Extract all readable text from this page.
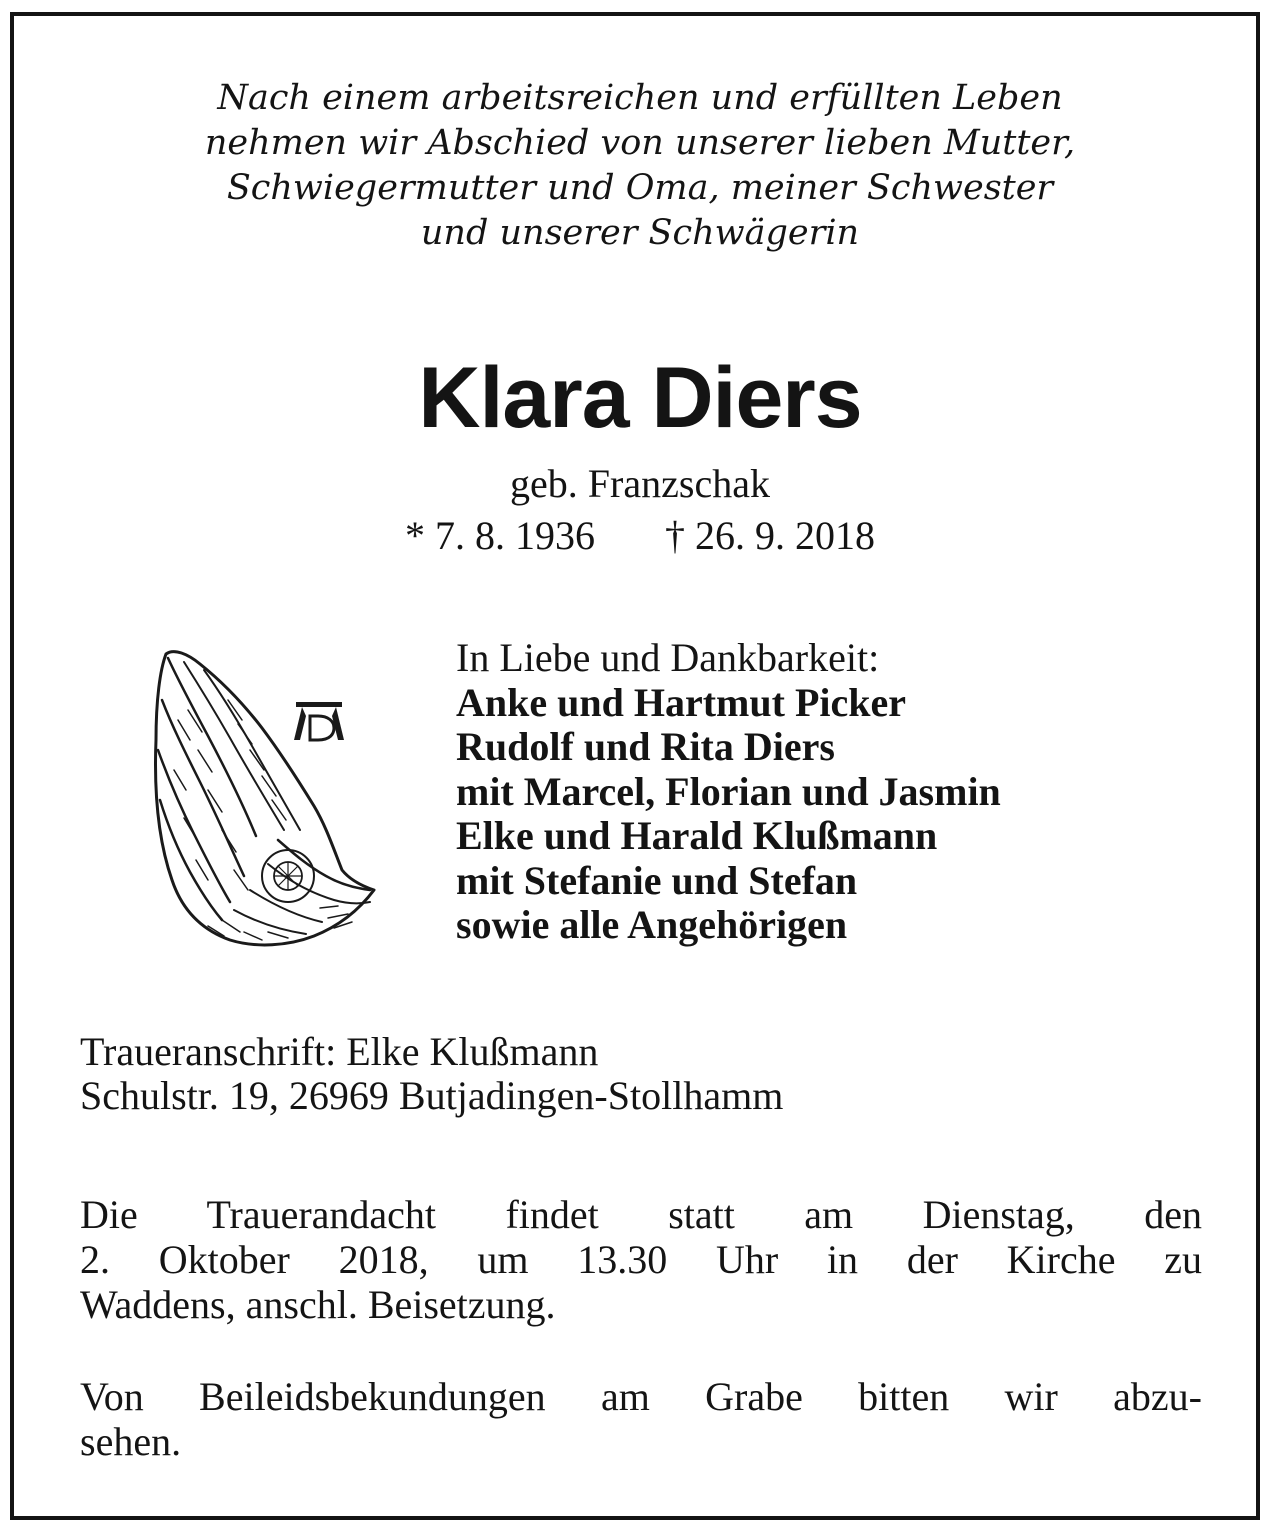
Nach einem arbeitsreichen und erfüllten Leben
nehmen wir Abschied von unserer lieben Mutter,
Schwiegermutter und Oma, meiner Schwester
und unserer Schwägerin
Klara Diers
geb. Franzschak
* 7. 8. 1936 † 26. 9. 2018
In Liebe und Dankbarkeit:
Anke und Hartmut Picker
Rudolf und Rita Diers
mit Marcel, Florian und Jasmin
Elke und Harald Klußmann
mit Stefanie und Stefan
sowie alle Angehörigen
Traueranschrift: Elke Klußmann
Schulstr. 19, 26969 Butjadingen-Stollhamm
Die Trauerandacht findet statt am Dienstag, den
2. Oktober 2018, um 13.30 Uhr in der Kirche zu
Waddens, anschl. Beisetzung.
Von Beileidsbekundungen am Grabe bitten wir abzu-
sehen.
